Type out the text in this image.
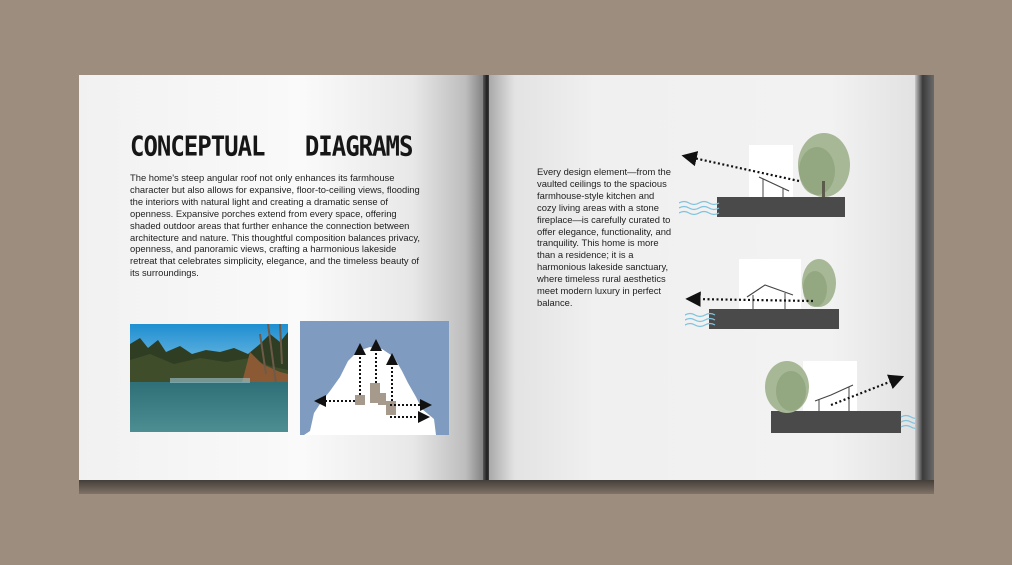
CONCEPTUAL   DIAGRAMS

The home's steep angular roof not only enhances its farmhouse character but also allows for expansive, floor-to-ceiling views, flooding the interiors with natural light and creating a dramatic sense of openness. Expansive porches extend from every space, offering shaded outdoor areas that further enhance the connection between architecture and nature. This thoughtful composition balances privacy, openness, and panoramic views, crafting a harmonious lakeside retreat that celebrates simplicity, elegance, and the timeless beauty of its surroundings.

Every design element—from the vaulted ceilings to the spacious farmhouse-style kitchen and cozy living areas with a stone fireplace—is carefully curated to offer elegance, functionality, and tranquility. This home is more than a residence; it is a harmonious lakeside sanctuary, where timeless rural aesthetics meet modern luxury in perfect balance.
